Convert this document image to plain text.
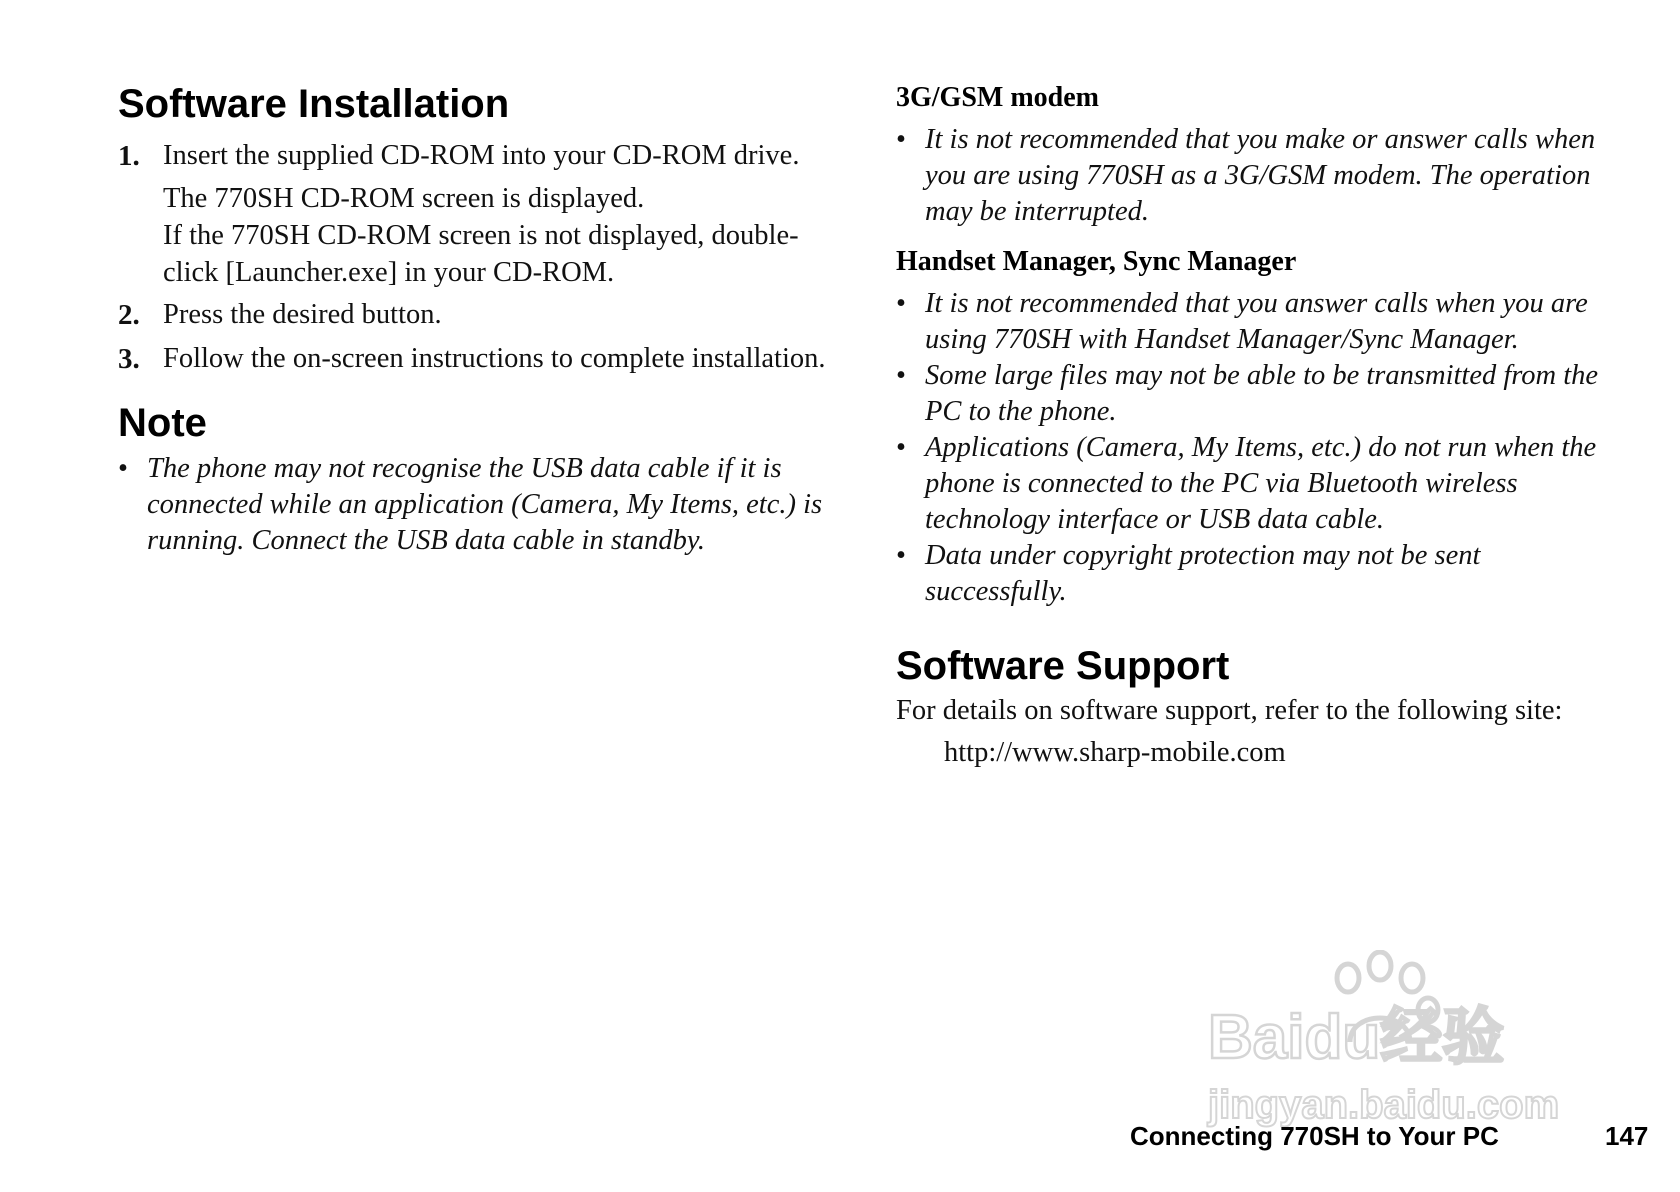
Software Installation
1. Insert the supplied CD-ROM into your CD-ROM drive.

The 770SH CD-ROM screen is displayed.
If the 770SH CD-ROM screen is not displayed, double-click [Launcher.exe] in your CD-ROM.

2. Press the desired button.

3. Follow the on-screen instructions to complete installation.

Note
• The phone may not recognise the USB data cable if it is connected while an application (Camera, My Items, etc.) is running. Connect the USB data cable in standby.
3G/GSM modem
• It is not recommended that you make or answer calls when you are using 770SH as a 3G/GSM modem. The operation may be interrupted.
Handset Manager, Sync Manager
• It is not recommended that you answer calls when you are using 770SH with Handset Manager/Sync Manager.
• Some large files may not be able to be transmitted from the PC to the phone.
• Applications (Camera, My Items, etc.) do not run when the phone is connected to the PC via Bluetooth wireless technology interface or USB data cable.
• Data under copyright protection may not be sent successfully.
Software Support

For details on software support, refer to the following site:

http://www.sharp-mobile.com

Baidu经验
jingyan.baidu.com
Connecting 770SH to Your PC	147
